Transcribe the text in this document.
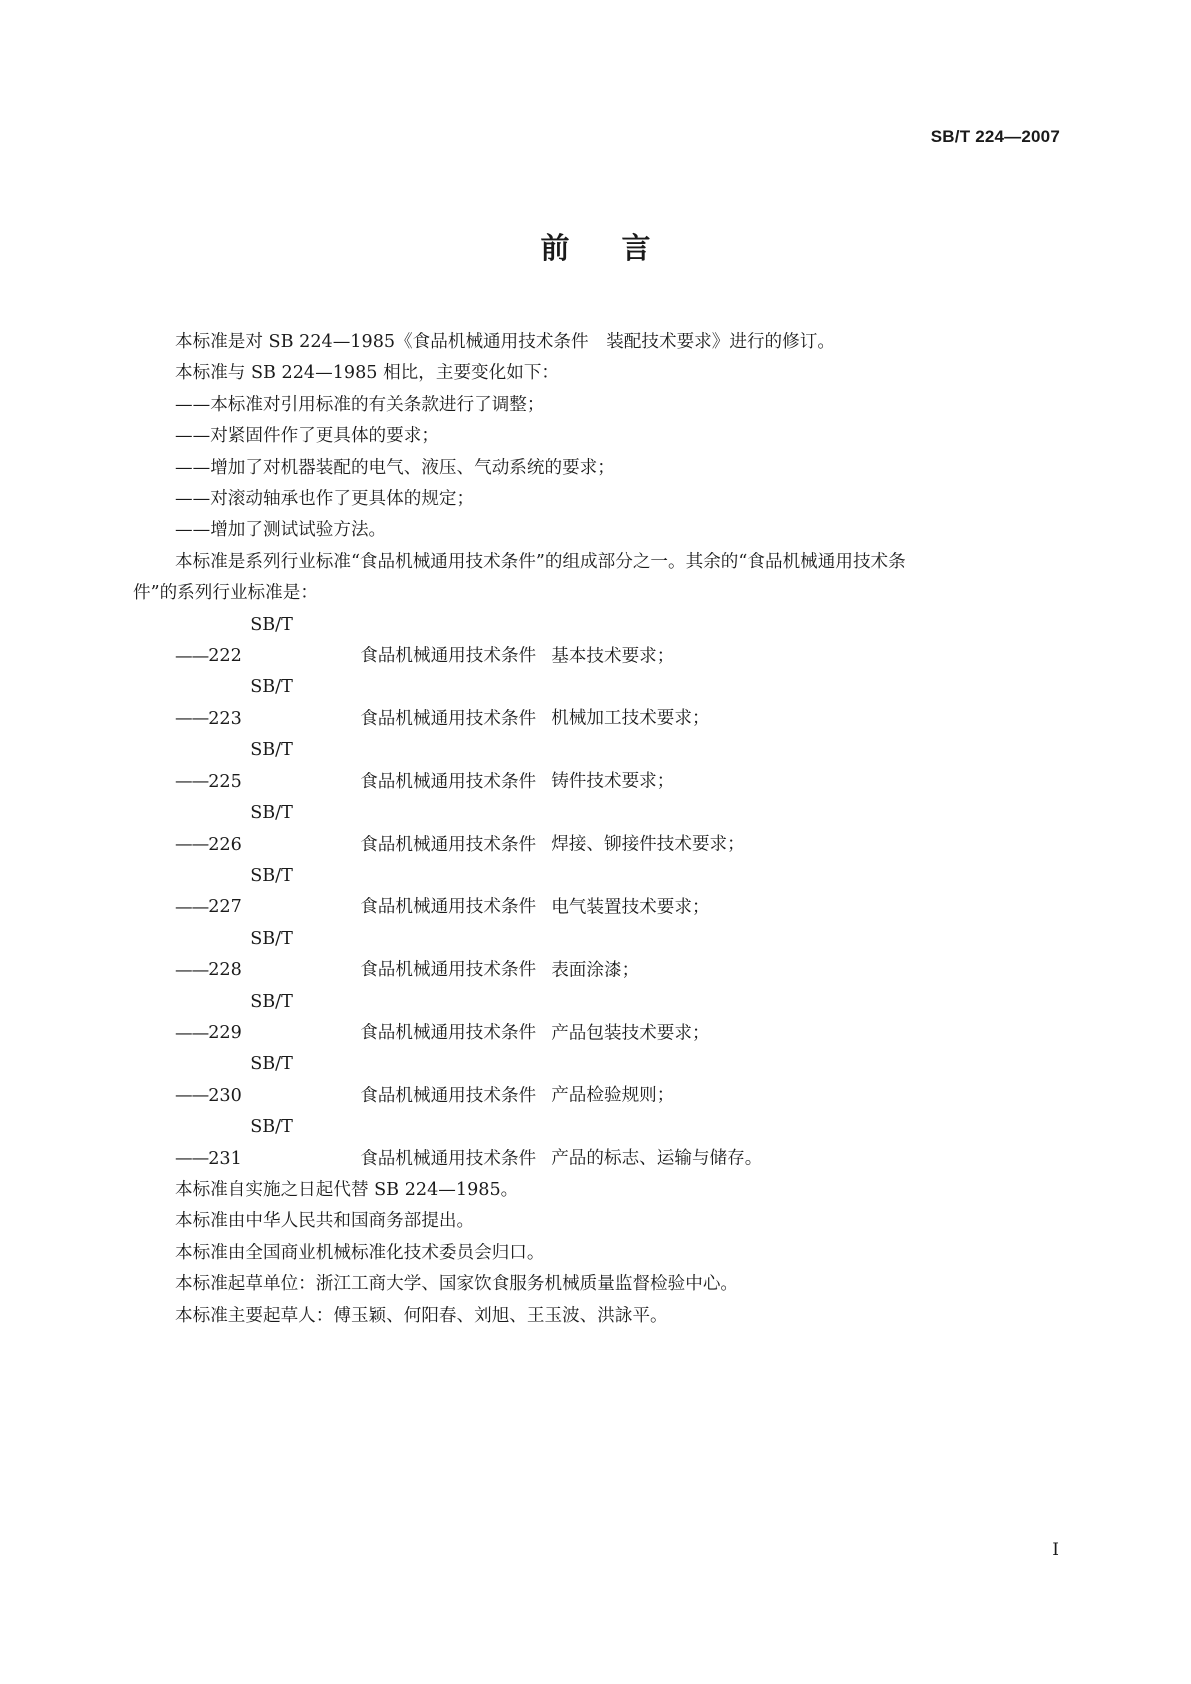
SB/T 224—2007
前言

本标准是对 SB 224—1985《食品机械通用技术条件　装配技术要求》进行的修订。

本标准与 SB 224—1985 相比，主要变化如下：

——本标准对引用标准的有关条款进行了调整；

——对紧固件作了更具体的要求；

——增加了对机器装配的电气、液压、气动系统的要求；

——对滚动轴承也作了更具体的规定；

——增加了测试试验方法。

本标准是系列行业标准“食品机械通用技术条件”的组成部分之一。其余的“食品机械通用技术条

件”的系列行业标准是：

——SB/T 222	食品机械通用技术条件 基本技术要求；

——SB/T 223	食品机械通用技术条件 机械加工技术要求；

——SB/T 225	食品机械通用技术条件 铸件技术要求；

——SB/T 226	食品机械通用技术条件 焊接、铆接件技术要求；

——SB/T 227	食品机械通用技术条件 电气装置技术要求；

——SB/T 228	食品机械通用技术条件 表面涂漆；

——SB/T 229	食品机械通用技术条件 产品包装技术要求；

——SB/T 230	食品机械通用技术条件 产品检验规则；

——SB/T 231	食品机械通用技术条件 产品的标志、运输与储存。

本标准自实施之日起代替 SB 224—1985。

本标准由中华人民共和国商务部提出。

本标准由全国商业机械标准化技术委员会归口。

本标准起草单位：浙江工商大学、国家饮食服务机械质量监督检验中心。

本标准主要起草人：傅玉颖、何阳春、刘旭、王玉波、洪詠平。

I
